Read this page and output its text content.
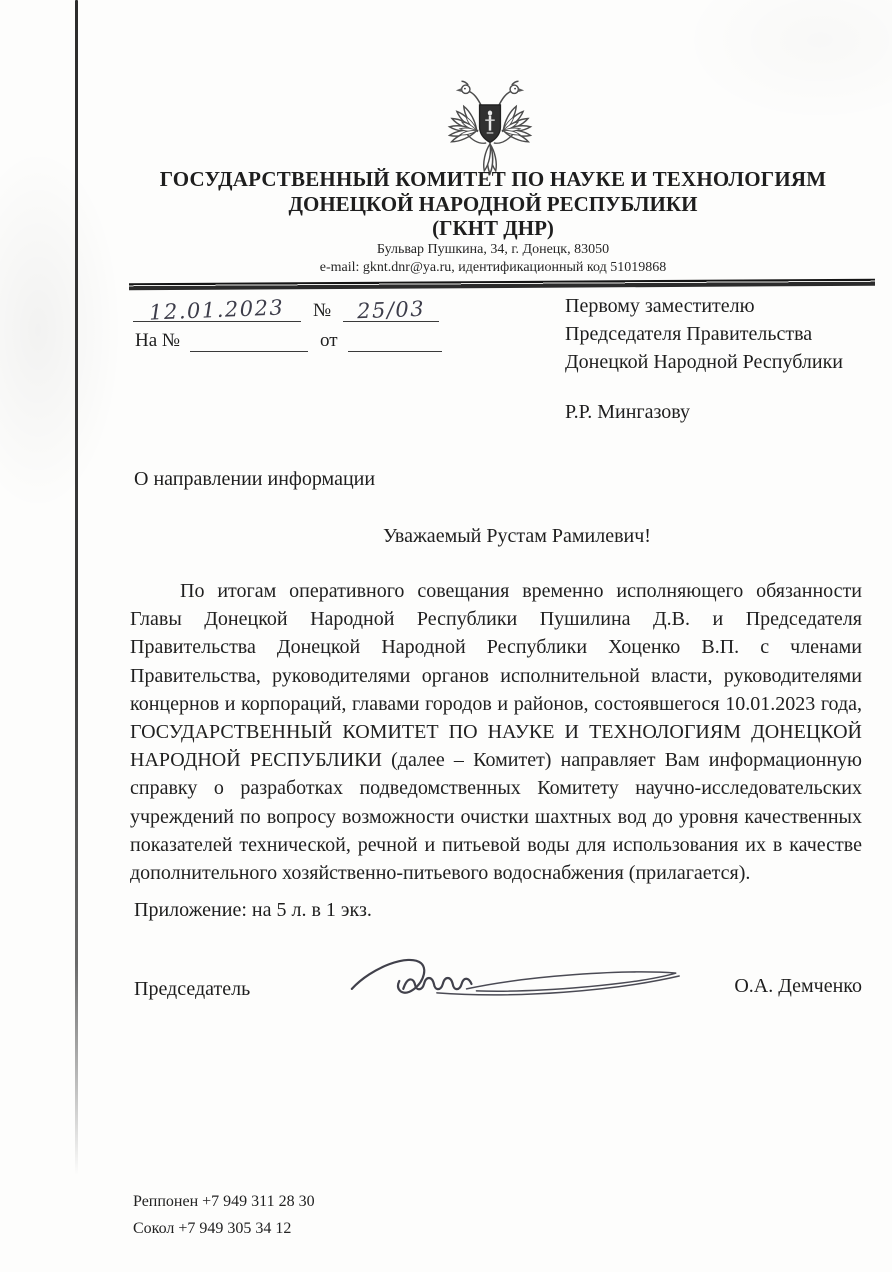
ГОСУДАРСТВЕННЫЙ КОМИТЕТ ПО НАУКЕ И ТЕХНОЛОГИЯМ
ДОНЕЦКОЙ НАРОДНОЙ РЕСПУБЛИКИ
(ГКНТ ДНР)
Бульвар Пушкина, 34, г. Донецк, 83050
e-mail: gknt.dnr@ya.ru, идентификационный код 51019868
12.01.2023	№	25/03
На №	от
Первому заместителю
Председателя Правительства
Донецкой Народной Республики
Р.Р. Мингазову
О направлении информации
Уважаемый Рустам Рамилевич!
По итогам оперативного совещания временно исполняющего обязанности Главы Донецкой Народной Республики Пушилина Д.В. и Председателя Правительства Донецкой Народной Республики Хоценко В.П. с членами Правительства, руководителями органов исполнительной власти, руководителями концернов и корпораций, главами городов и районов, состоявшегося 10.01.2023 года, ГОСУДАРСТВЕННЫЙ КОМИТЕТ ПО НАУКЕ И ТЕХНОЛОГИЯМ ДОНЕЦКОЙ НАРОДНОЙ РЕСПУБЛИКИ (далее – Комитет) направляет Вам информационную справку о разработках подведомственных Комитету научно-исследовательских учреждений по вопросу возможности очистки шахтных вод до уровня качественных показателей технической, речной и питьевой воды для использования их в качестве дополнительного хозяйственно-питьевого водоснабжения (прилагается).
Приложение: на 5 л. в 1 экз.
Председатель	О.А. Демченко
Реппонен +7 949 311 28 30
Сокол +7 949 305 34 12
